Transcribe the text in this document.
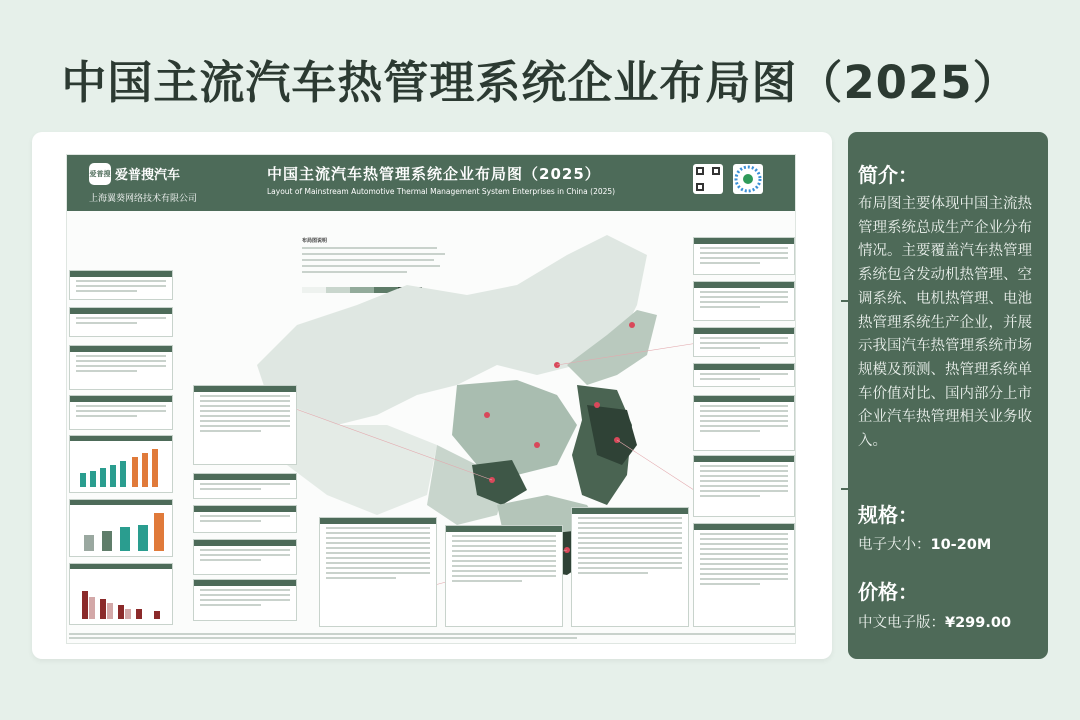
中国主流汽车热管理系统企业布局图（2025）
爱普搜 爱普搜汽车
上海翼葵网络技术有限公司
中国主流汽车热管理系统企业布局图（2025）
Layout of Mainstream Automotive Thermal Management System Enterprises in China (2025)
布局图说明
简介：
布局图主要体现中国主流热管理系统总成生产企业分布情况。主要覆盖汽车热管理系统包含发动机热管理、空调系统、电机热管理、电池热管理系统生产企业，并展示我国汽车热管理系统市场规模及预测、热管理系统单车价值对比、国内部分上市企业汽车热管理相关业务收入。
规格：
电子大小：10-20M
价格：
中文电子版：¥299.00
